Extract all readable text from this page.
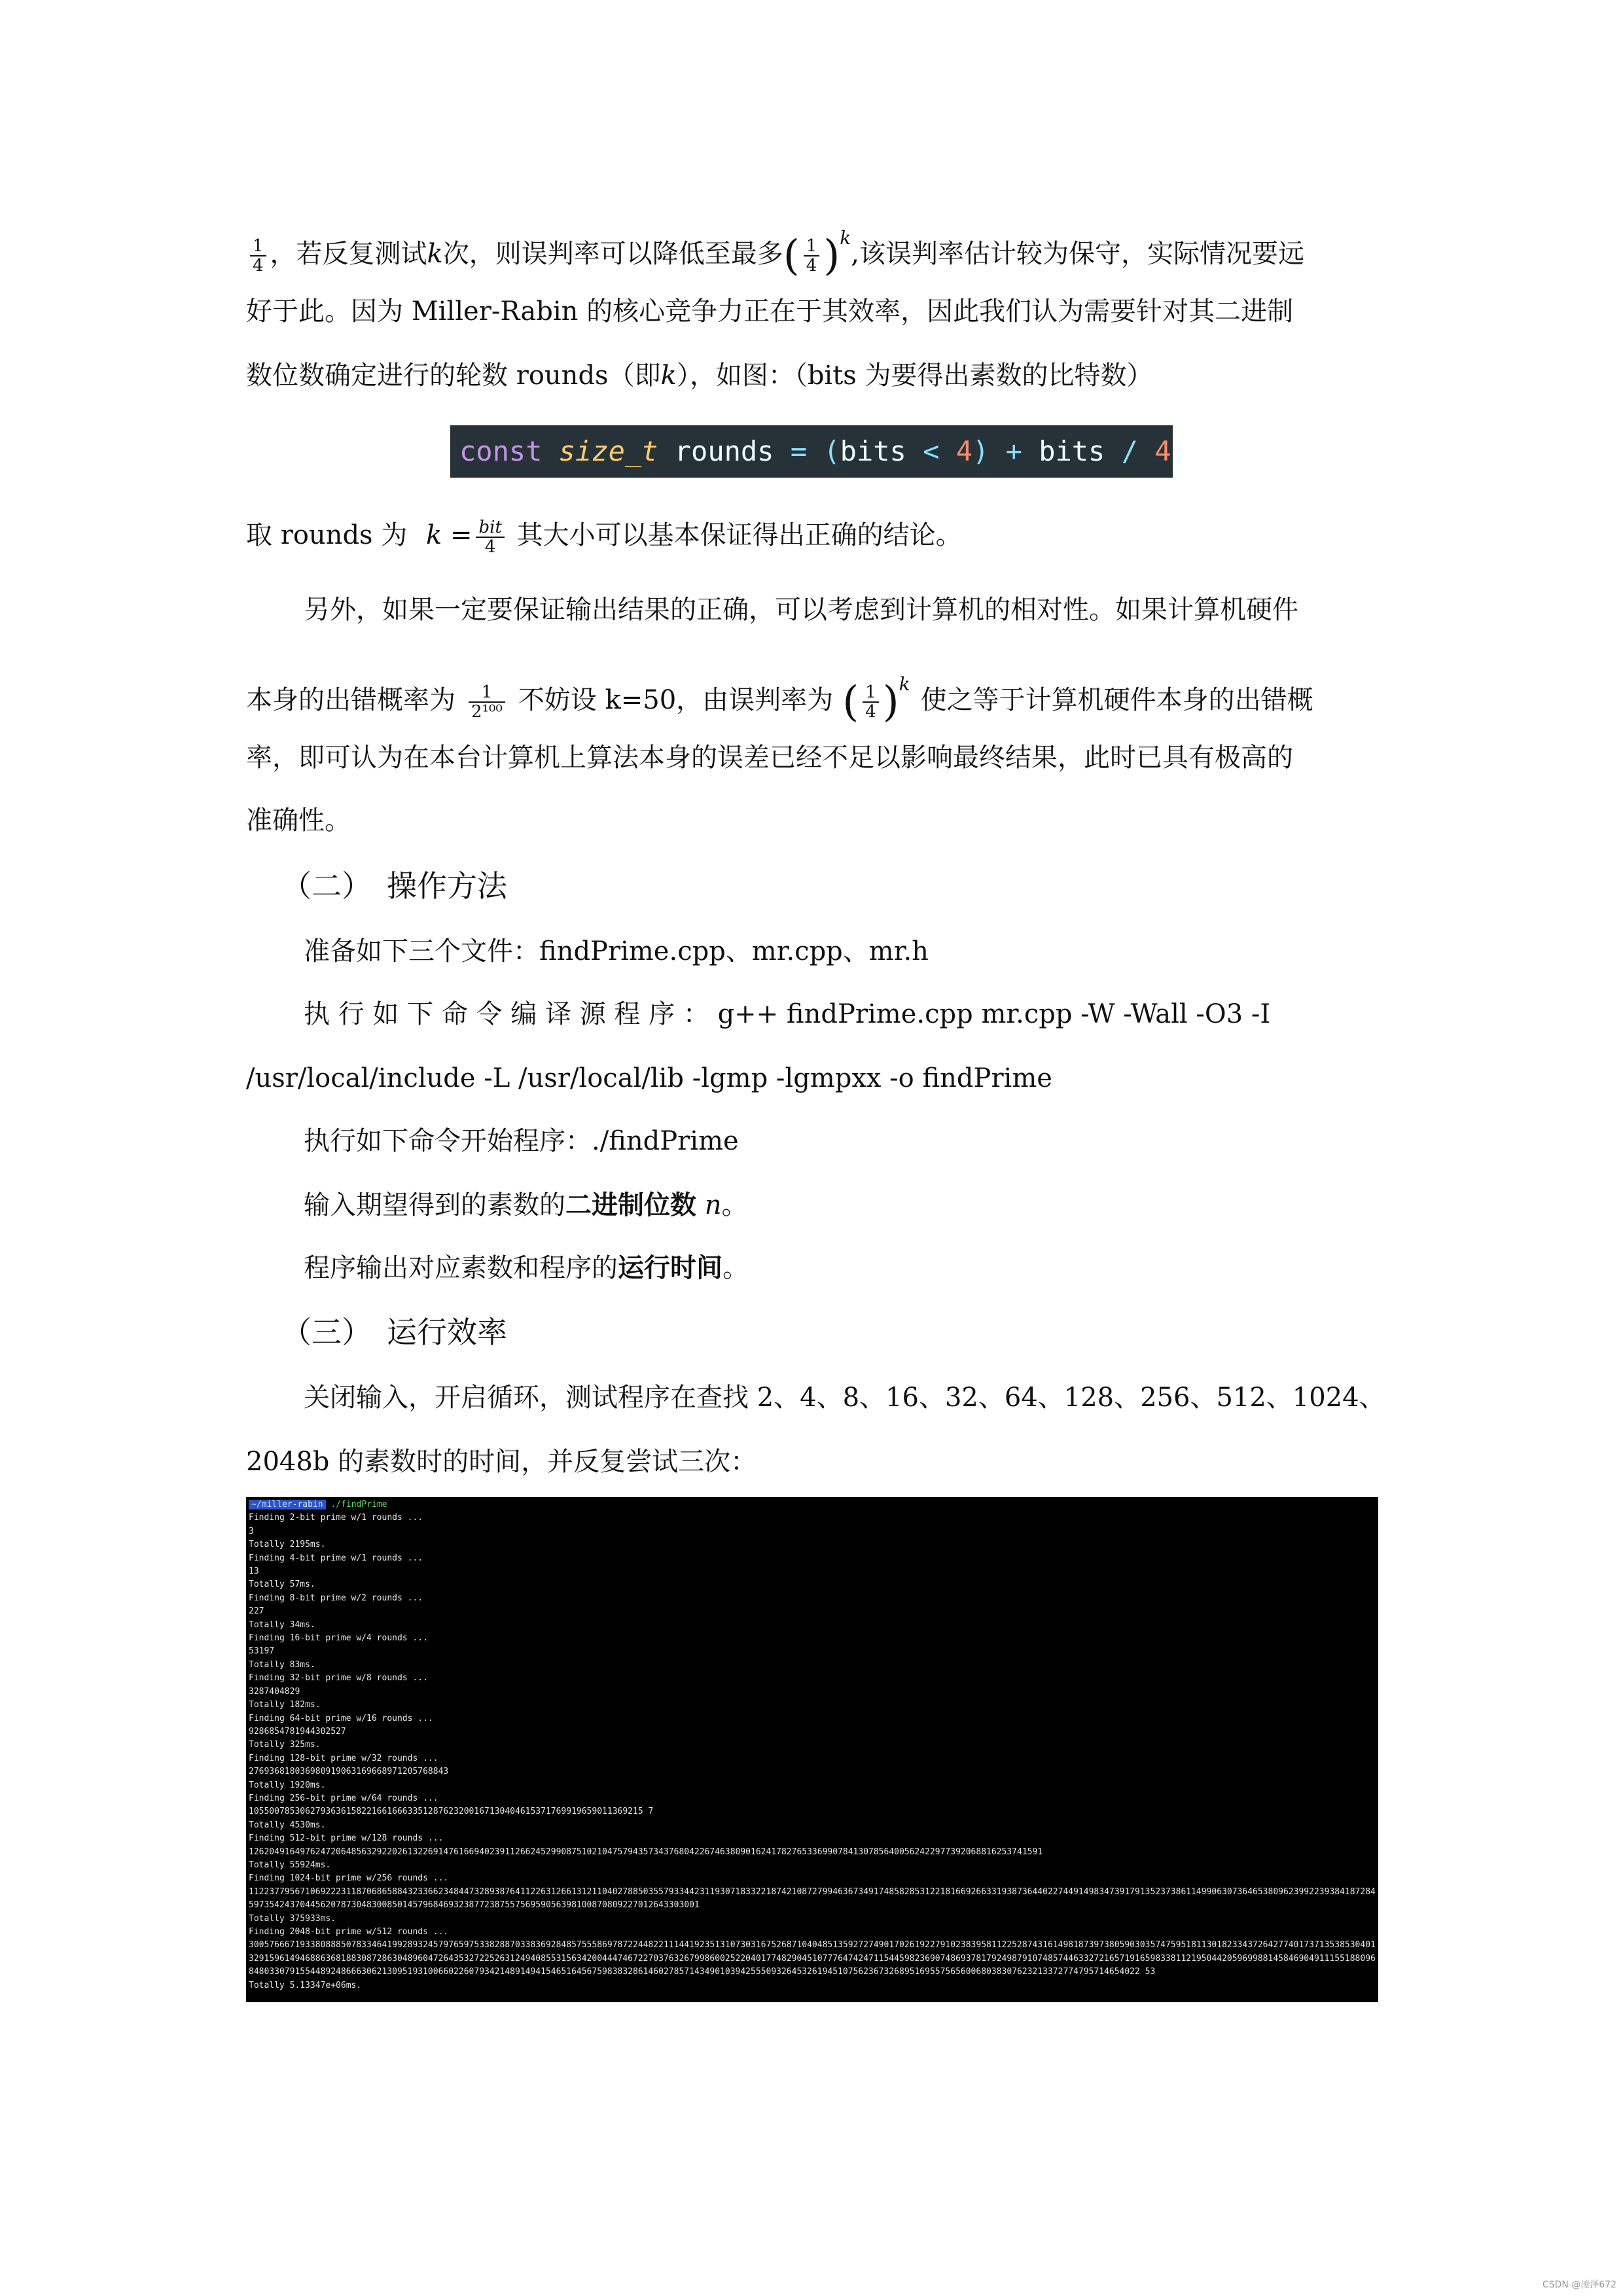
$\frac{1}{4}$ ，若反复测试k次，则误判率可以降低至最多( $\frac{1}{4} )^k$,该误判率估计较为保守，实际情况要远
好于此。因为 Miller-Rabin 的核心竞争力正在于其效率，因此我们认为需要针对其二进制
数位数确定进行的轮数 rounds（即k），如图：（bits 为要得出素数的比特数）
const size_t rounds = (bits < 4) + bits / 4;
取 rounds 为 $k = \frac{\text{bit}}{4}$ 其大小可以基本保证得出正确的结论。
另外，如果一定要保证输出结果的正确，可以考虑到计算机的相对性。如果计算机硬件
本身的出错概率为 $\frac{1}{\text{2¹⁰⁰}}$ 不妨设 k=50，由误判率为 ( $\frac{1}{4} )^k$使之等于计算机硬件本身的出错概
率，即可认为在本台计算机上算法本身的误差已经不足以影响最终结果，此时已具有极高的
准确性。
（二）　操作方法
准备如下三个文件：findPrime.cpp、mr.cpp、mr.h
执 行 如 下 命 令 编 译 源 程 序 ： g++ findPrime.cpp mr.cpp -W -Wall -O3 -I
/usr/local/include -L /usr/local/lib -lgmp -lgmpxx -o findPrime
执行如下命令开始程序：./findPrime
输入期望得到的素数的二进制位数 n。
程序输出对应素数和程序的运行时间。
（三）　运行效率
关闭输入，开启循环，测试程序在查找 2、4、8、16、32、64、128、256、512、1024、
2048b 的素数时的时间，并反复尝试三次：
~/miller-rabin ./findPrime
Finding 2-bit prime w/1 rounds ...
3
Totally 2195ms.
Finding 4-bit prime w/1 rounds ...
13
Totally 57ms.
Finding 8-bit prime w/2 rounds ...
227
Totally 34ms.
Finding 16-bit prime w/4 rounds ...
53197
Totally 83ms.
Finding 32-bit prime w/8 rounds ...
3287404829
Totally 182ms.
Finding 64-bit prime w/16 rounds ...
9286854781944302527
Totally 325ms.
Finding 128-bit prime w/32 rounds ...
276936818036980919063169668971205768843
Totally 1920ms.
Finding 256-bit prime w/64 rounds ...
10550078530627936361582216616663351287623200167130404615371769919659011369215 7
Totally 4530ms.
Finding 512-bit prime w/128 rounds ...
12620491649762472064856329220261322691476166940239112662452990875102104757943573437680422674638090162417827653369907841307856400562422977392068816253741591
Totally 55924ms.
Finding 1024-bit prime w/256 rounds ...
11223779567106922231187068658843233662348447328938764112263126613121104027885035579334423119307183322187421087279946367349174858285312218166926633193873644022744914983473917913523738611499063073646538096239922393841872845973542437044562078730483008501457968469323877238755756959056398100870809227012643303001
Totally 375933ms.
Finding 2048-bit prime w/512 rounds ...
30057666719338088850783346419928932457976597533828870338369284857555869787224482211144192351310730316752687104048513592727490170261922791023839581122528743161498187397380590303574759518113018233437264277401737135385304013291596149468863681883087286304896047264353272252631249408553156342004447467227037632679986002522040177482904510777647424711544598236907486937817924987910748574463327216571916598338112195044205969988145846904911155188096848033079155448924866630621309519310066022607934214891494154651645675983832861460278571434901039425550932645326194510756236732689516955756560068038307623213372774795714654022 53
Totally 5.13347e+06ms.
CSDN @凌泽672
